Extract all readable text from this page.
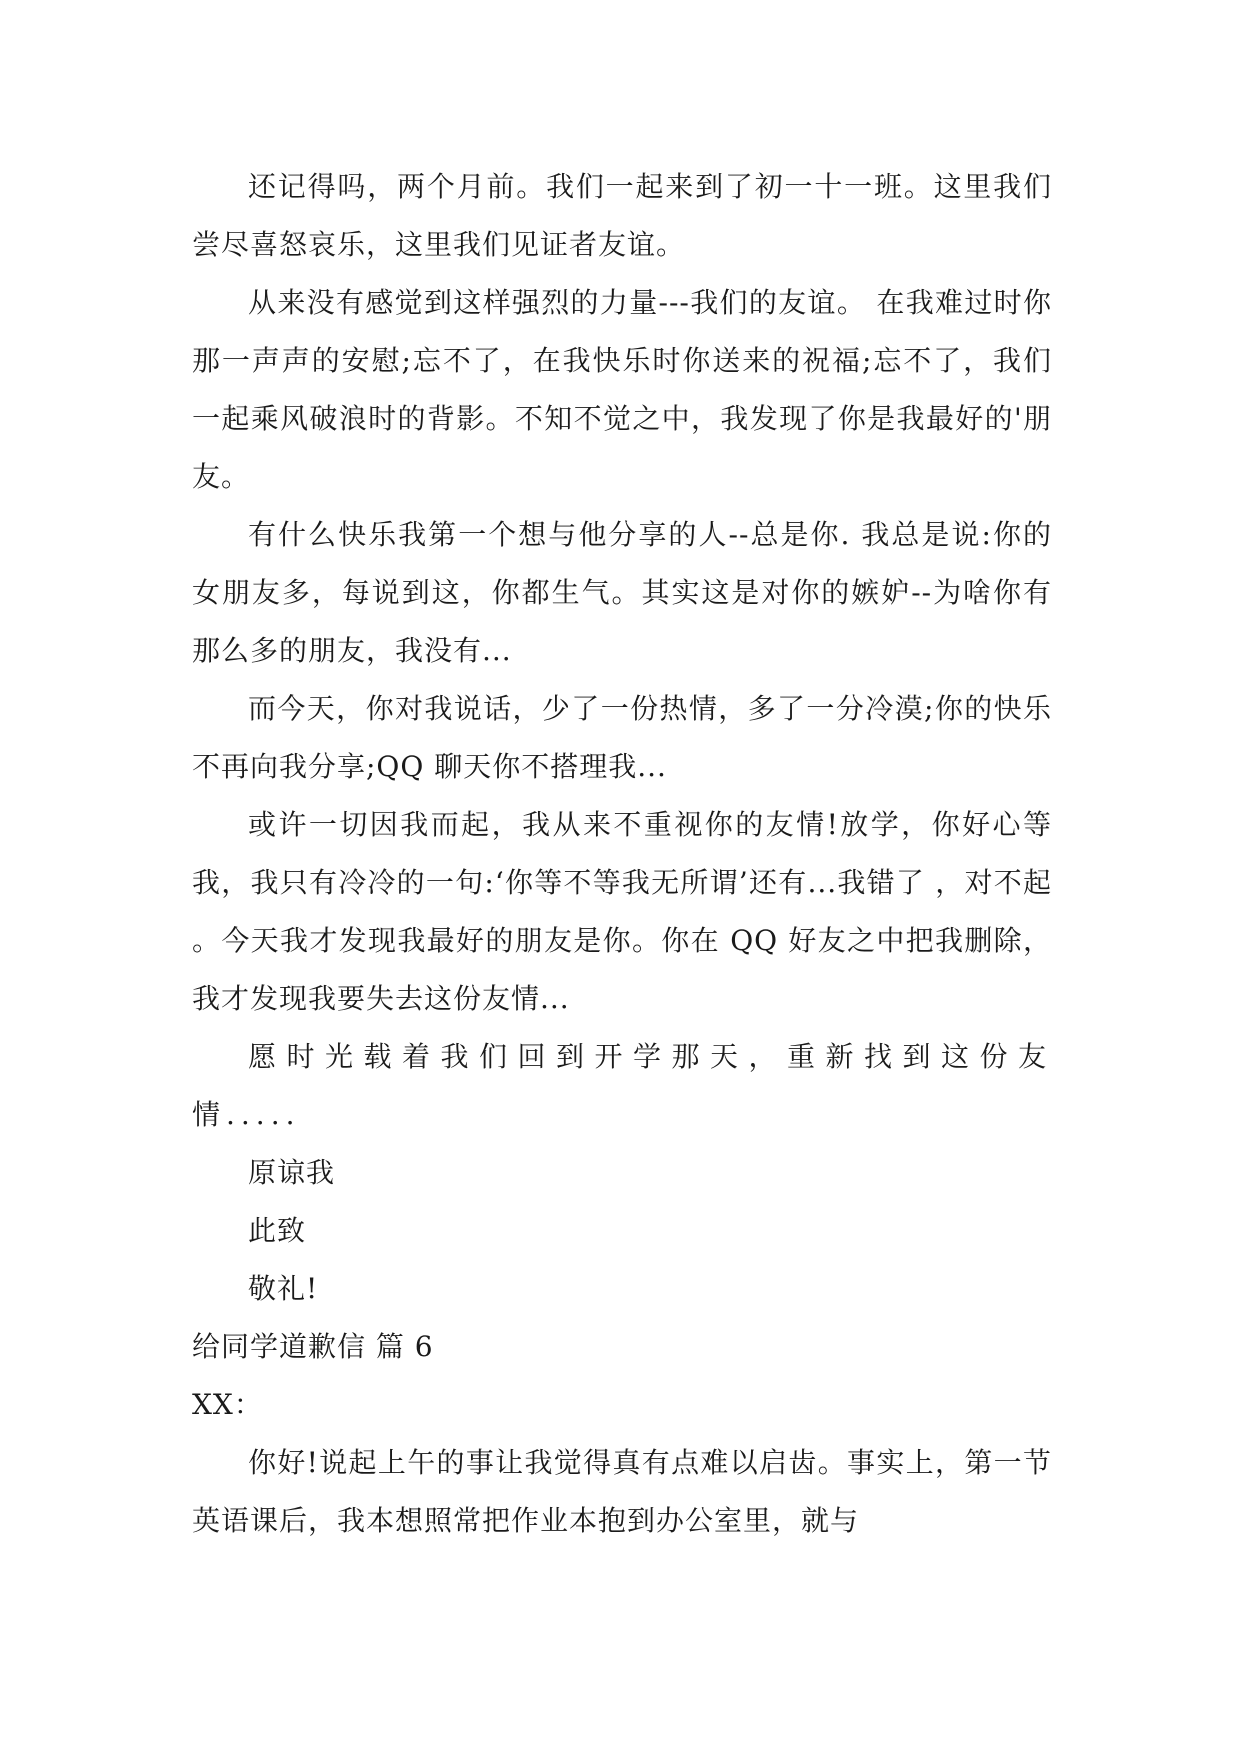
还记得吗，两个月前。我们一起来到了初一十一班。这里我们尝尽喜怒哀乐，这里我们见证者友谊。

从来没有感觉到这样强烈的力量---我们的友谊。 在我难过时你那一声声的安慰;忘不了，在我快乐时你送来的祝福;忘不了，我们一起乘风破浪时的背影。不知不觉之中，我发现了你是我最好的'朋友。

有什么快乐我第一个想与他分享的人--总是你. 我总是说:你的女朋友多，每说到这，你都生气。其实这是对你的嫉妒--为啥你有那么多的朋友，我没有...

而今天，你对我说话，少了一份热情，多了一分冷漠;你的快乐不再向我分享;QQ 聊天你不搭理我...

或许一切因我而起，我从来不重视你的友情!放学，你好心等我，我只有冷冷的一句:‘你等不等我无所谓’还有...我错了 ，对不起 。今天我才发现我最好的朋友是你。你在 QQ 好友之中把我删除，我才发现我要失去这份友情...

愿时光载着我们回到开学那天，重新找到这份友情.....

原谅我

此致

敬礼!

给同学道歉信 篇 6

XX：

你好!说起上午的事让我觉得真有点难以启齿。事实上，第一节英语课后，我本想照常把作业本抱到办公室里，就与
